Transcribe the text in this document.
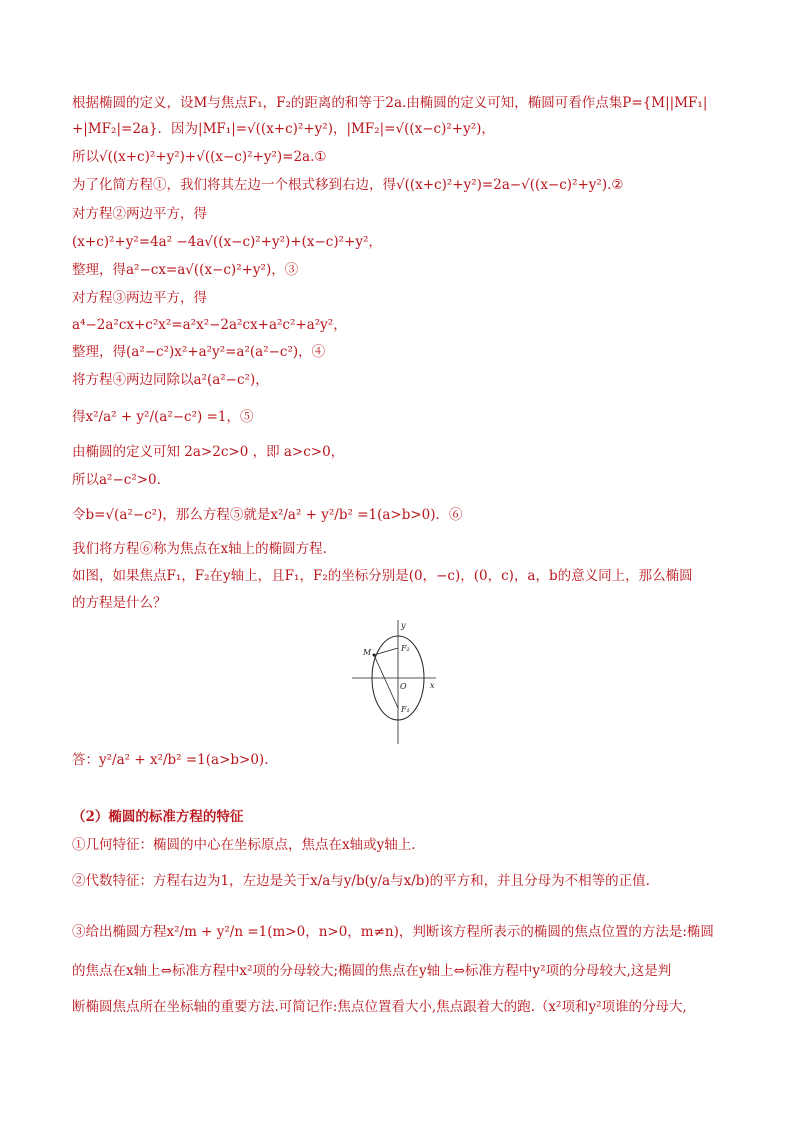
根据椭圆的定义，设M与焦点F₁，F₂的距离的和等于2a.由椭圆的定义可知，椭圆可看作点集P={M||MF₁|
+|MF₂|=2a}．因为|MF₁|=√((x+c)²+y²)，|MF₂|=√((x−c)²+y²)，
所以√((x+c)²+y²)+√((x−c)²+y²)=2a.①
为了化简方程①，我们将其左边一个根式移到右边，得√((x+c)²+y²)=2a−√((x−c)²+y²).②
对方程②两边平方，得
(x+c)²+y²=4a² −4a√((x−c)²+y²)+(x−c)²+y²，
整理，得a²−cx=a√((x−c)²+y²)，③
对方程③两边平方，得
a⁴−2a²cx+c²x²=a²x²−2a²cx+a²c²+a²y²，
整理，得(a²−c²)x²+a²y²=a²(a²−c²)，④
将方程④两边同除以a²(a²−c²)，
得x²/a² + y²/(a²−c²) =1，⑤
由椭圆的定义可知 2a>2c>0 ，即 a>c>0，
所以a²−c²>0.
令b=√(a²−c²)，那么方程⑤就是x²/a² + y²/b² =1(a>b>0)．⑥
我们将方程⑥称为焦点在x轴上的椭圆方程.
如图，如果焦点F₁，F₂在y轴上，且F₁，F₂的坐标分别是(0，−c)，(0，c)，a，b的意义同上，那么椭圆
的方程是什么？
y
x
M	F₂
O
F₁
答：y²/a² + x²/b² =1(a>b>0).
（2）椭圆的标准方程的特征
①几何特征：椭圆的中心在坐标原点，焦点在x轴或y轴上.
②代数特征：方程右边为1，左边是关于x/a与y/b(y/a与x/b)的平方和，并且分母为不相等的正值.
③给出椭圆方程x²/m + y²/n =1(m>0，n>0，m≠n)，判断该方程所表示的椭圆的焦点位置的方法是:椭圆
的焦点在x轴上⇔标准方程中x²项的分母较大;椭圆的焦点在y轴上⇔标准方程中y²项的分母较大,这是判
断椭圆焦点所在坐标轴的重要方法.可简记作:焦点位置看大小,焦点跟着大的跑.（x²项和y²项谁的分母大,
